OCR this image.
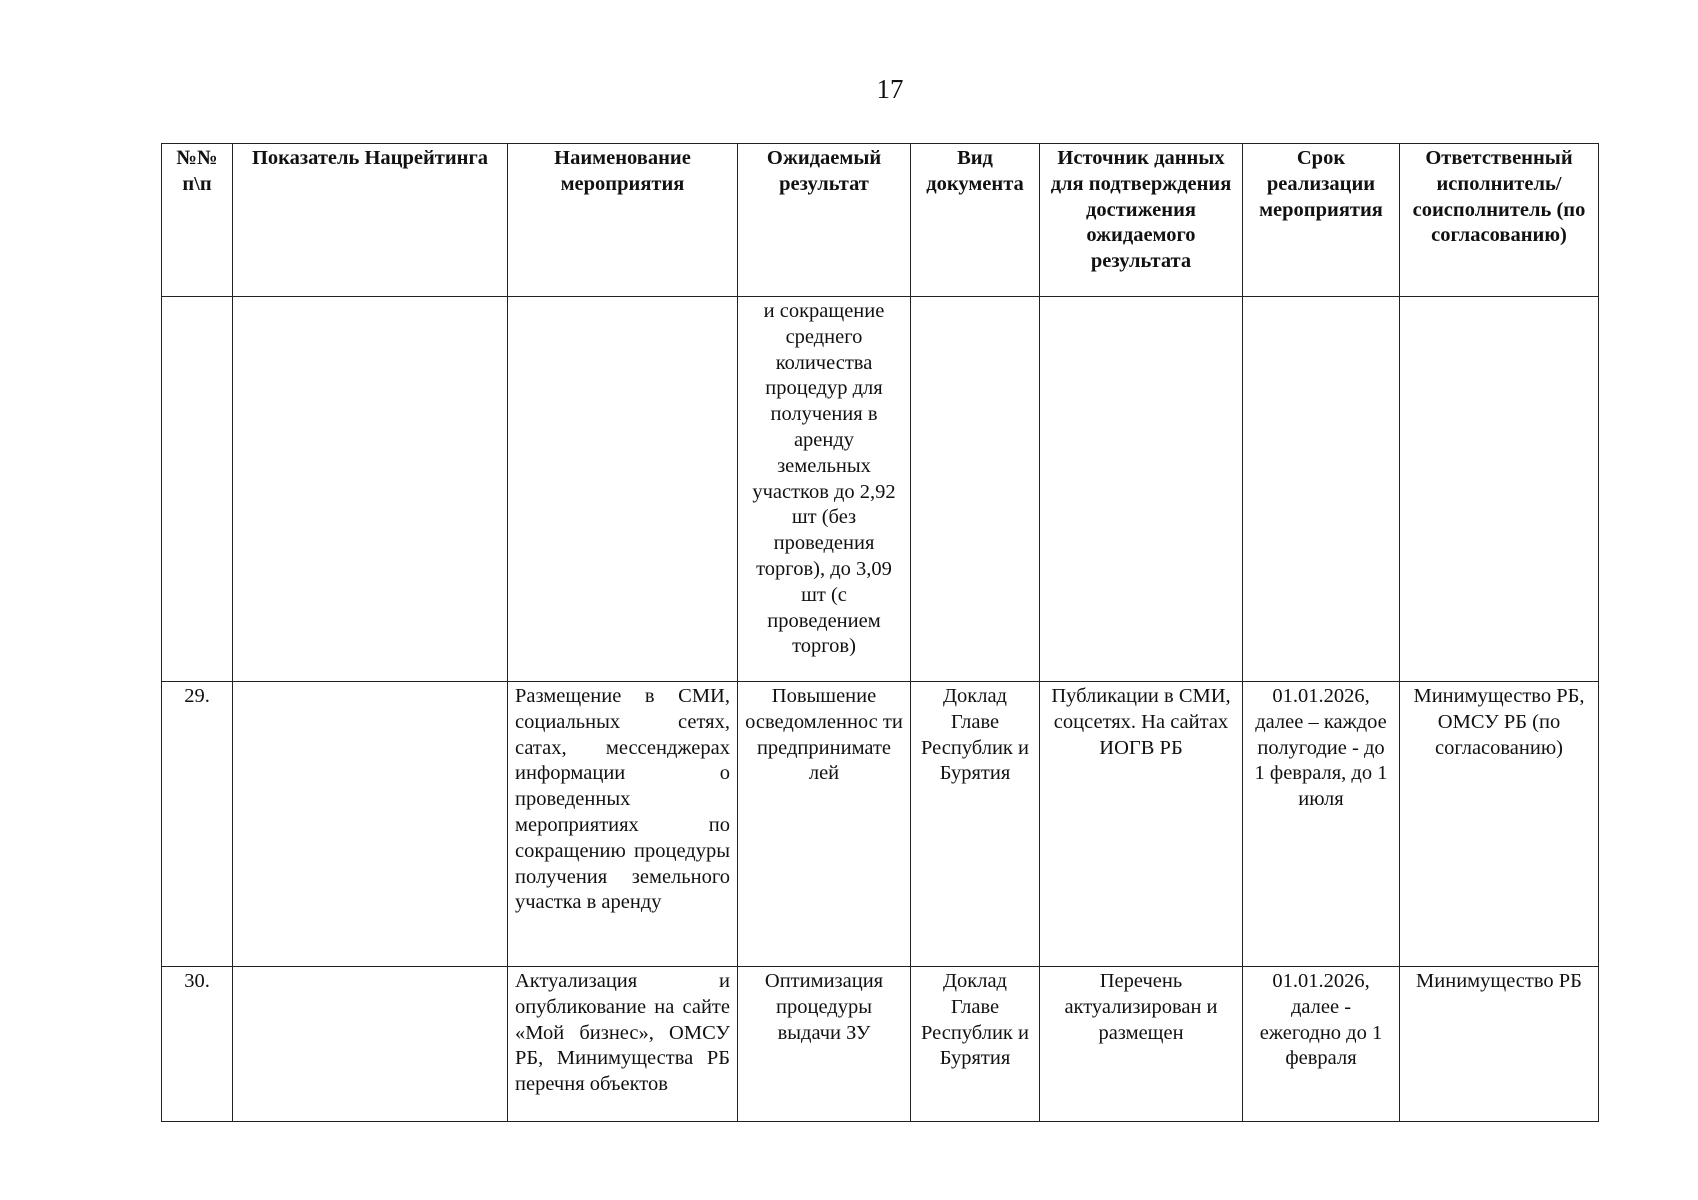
17
№№ п\п	Показатель Нацрейтинга	Наименование мероприятия	Ожидаемый результат	Вид документа	Источник данных для подтверждения достижения ожидаемого результата	Срок реализации мероприятия	Ответственный исполнитель/ соисполнитель (по согласованию)
			и сокращение среднего количества процедур для получения в аренду земельных участков до 2,92 шт (без проведения торгов), до 3,09 шт (с проведением торгов)				
29.		Размещение в СМИ, социальных сетях, сатах, мессенджерах информации о проведенных мероприятиях по сокращению процедуры получения земельного участка в аренду	Повышение осведомленнос ти предпринимате лей	Доклад Главе Республик и Бурятия	Публикации в СМИ, соцсетях. На сайтах ИОГВ РБ	01.01.2026, далее – каждое полугодие - до 1 февраля, до 1 июля	Минимущество РБ, ОМСУ РБ (по согласованию)
30.		Актуализация и опубликование на сайте «Мой бизнес», ОМСУ РБ, Минимущества РБ перечня объектов	Оптимизация процедуры выдачи ЗУ	Доклад Главе Республик и Бурятия	Перечень актуализирован и размещен	01.01.2026, далее - ежегодно до 1 февраля	Минимущество РБ
